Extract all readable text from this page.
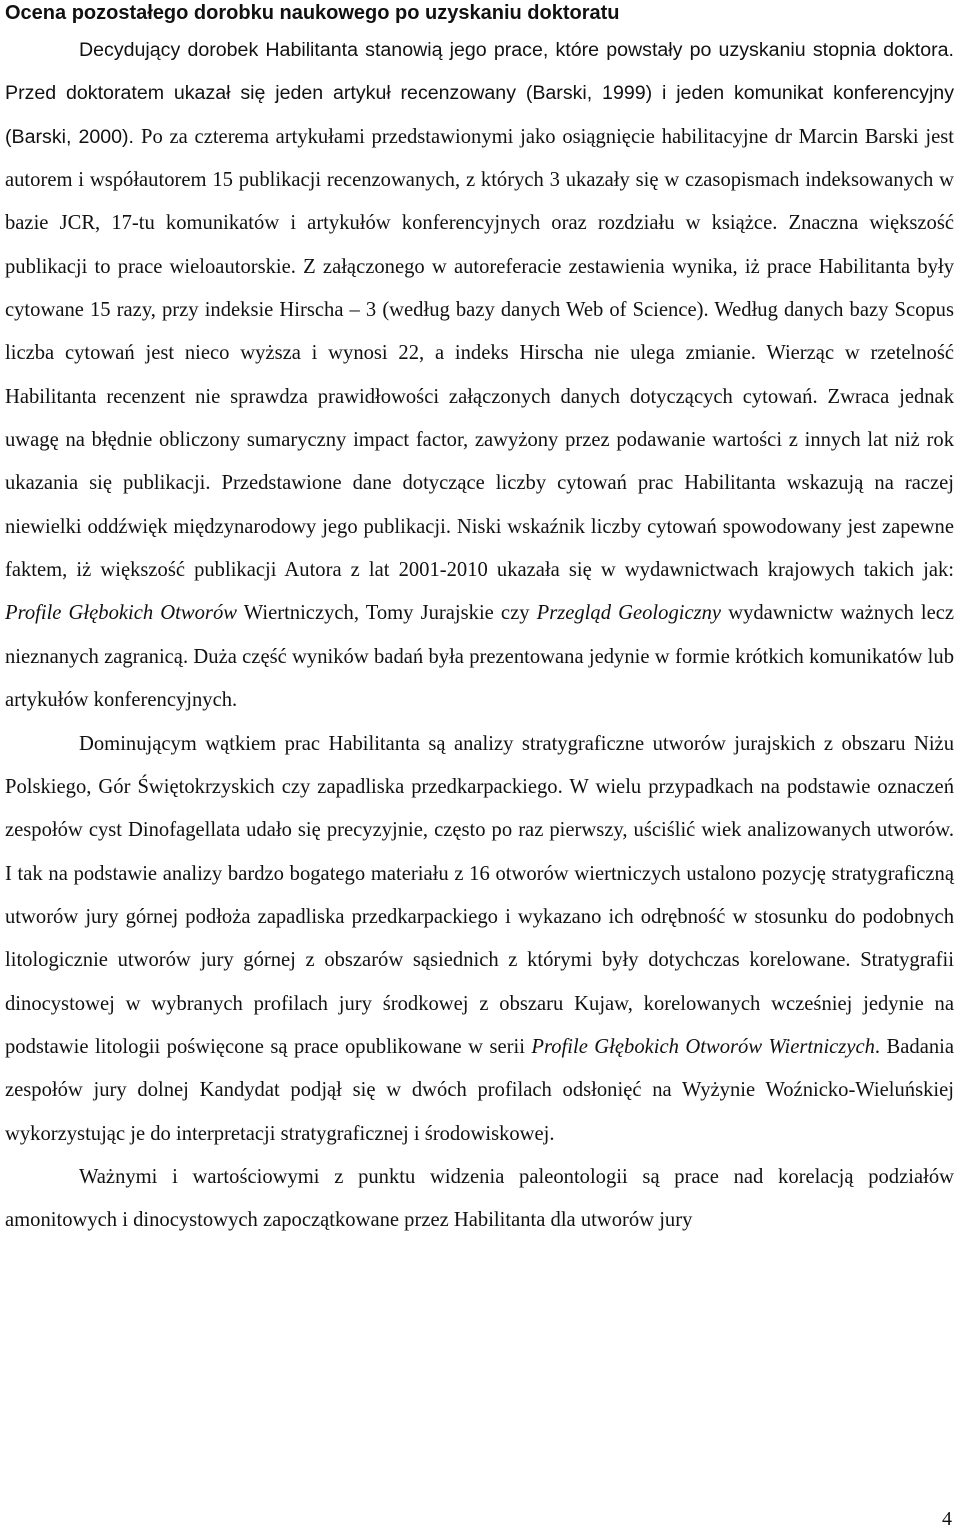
Ocena pozostałego dorobku naukowego po uzyskaniu doktoratu

Decydujący dorobek Habilitanta stanowią jego prace, które powstały po uzyskaniu stopnia doktora. Przed doktoratem ukazał się jeden artykuł recenzowany (Barski, 1999) i jeden komunikat konferencyjny (Barski, 2000). Po za czterema artykułami przedstawionymi jako osiągnięcie habilitacyjne dr Marcin Barski jest autorem i współautorem 15 publikacji recenzowanych, z których 3 ukazały się w czasopismach indeksowanych w bazie JCR, 17-tu komunikatów i artykułów konferencyjnych oraz rozdziału w książce. Znaczna większość publikacji to prace wieloautorskie. Z załączonego w autoreferacie zestawienia wynika, iż prace Habilitanta były cytowane 15 razy, przy indeksie Hirscha – 3 (według bazy danych Web of Science). Według danych bazy Scopus liczba cytowań jest nieco wyższa i wynosi 22, a indeks Hirscha nie ulega zmianie. Wierząc w rzetelność Habilitanta recenzent nie sprawdza prawidłowości załączonych danych dotyczących cytowań. Zwraca jednak uwagę na błędnie obliczony sumaryczny impact factor, zawyżony przez podawanie wartości z innych lat niż rok ukazania się publikacji. Przedstawione dane dotyczące liczby cytowań prac Habilitanta wskazują na raczej niewielki oddźwięk międzynarodowy jego publikacji. Niski wskaźnik liczby cytowań spowodowany jest zapewne faktem, iż większość publikacji Autora z lat 2001-2010 ukazała się w wydawnictwach krajowych takich jak: Profile Głębokich Otworów Wiertniczych, Tomy Jurajskie czy Przegląd Geologiczny wydawnictw ważnych lecz nieznanych zagranicą. Duża część wyników badań była prezentowana jedynie w formie krótkich komunikatów lub artykułów konferencyjnych.

Dominującym wątkiem prac Habilitanta są analizy stratygraficzne utworów jurajskich z obszaru Niżu Polskiego, Gór Świętokrzyskich czy zapadliska przedkarpackiego. W wielu przypadkach na podstawie oznaczeń zespołów cyst Dinofagellata udało się precyzyjnie, często po raz pierwszy, uściślić wiek analizowanych utworów. I tak na podstawie analizy bardzo bogatego materiału z 16 otworów wiertniczych ustalono pozycję stratygraficzną utworów jury górnej podłoża zapadliska przedkarpackiego i wykazano ich odrębność w stosunku do podobnych litologicznie utworów jury górnej z obszarów sąsiednich z którymi były dotychczas korelowane. Stratygrafii dinocystowej w wybranych profilach jury środkowej z obszaru Kujaw, korelowanych wcześniej jedynie na podstawie litologii poświęcone są prace opublikowane w serii Profile Głębokich Otworów Wiertniczych. Badania zespołów jury dolnej Kandydat podjął się w dwóch profilach odsłonięć na Wyżynie Woźnicko-Wieluńskiej wykorzystując je do interpretacji stratygraficznej i środowiskowej.

Ważnymi i wartościowymi z punktu widzenia paleontologii są prace nad korelacją podziałów amonitowych i dinocystowych zapoczątkowane przez Habilitanta dla utworów jury

4
